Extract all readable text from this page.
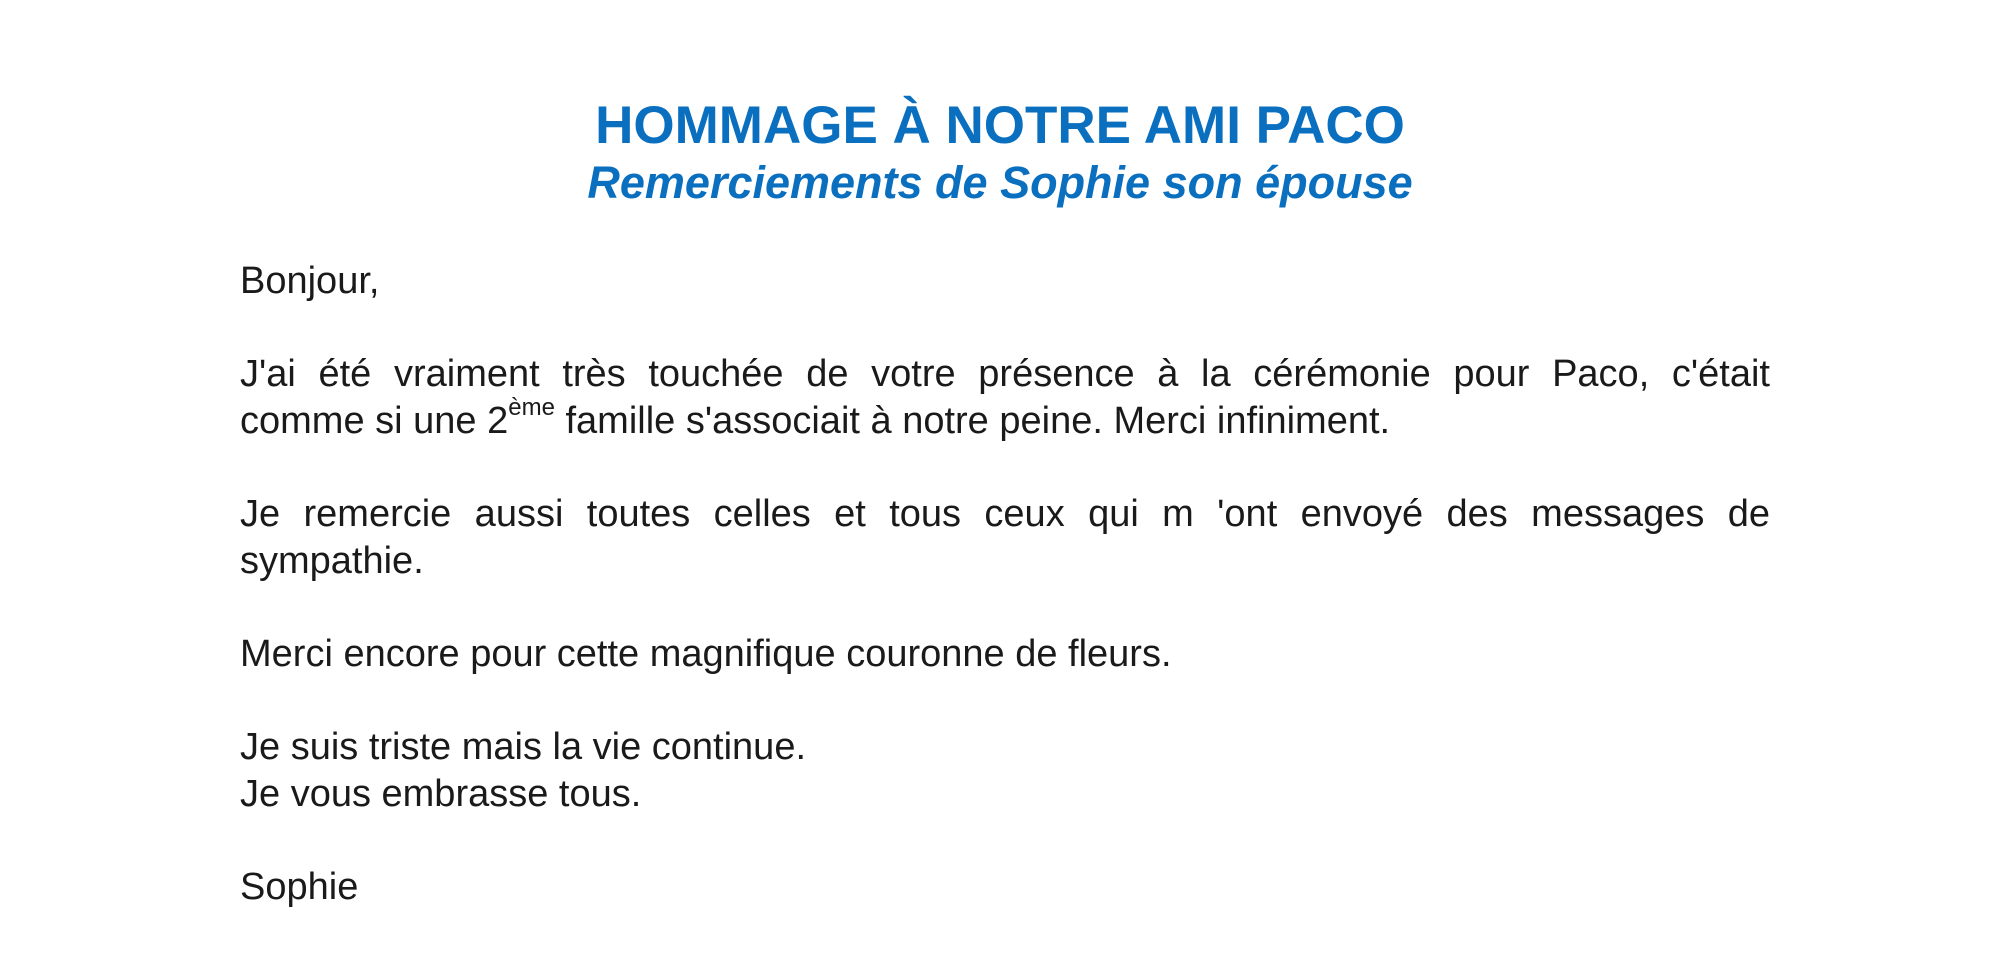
HOMMAGE À NOTRE AMI PACO
Remerciements de Sophie son épouse

Bonjour,

J'ai été vraiment très touchée de votre présence à la cérémonie pour Paco, c'était
comme si une 2ème famille s'associait à notre peine. Merci infiniment.

Je remercie aussi toutes celles et tous ceux qui m 'ont envoyé des messages de
sympathie.

Merci encore pour cette magnifique couronne de fleurs.

Je suis triste mais la vie continue.
Je vous embrasse tous.

Sophie
